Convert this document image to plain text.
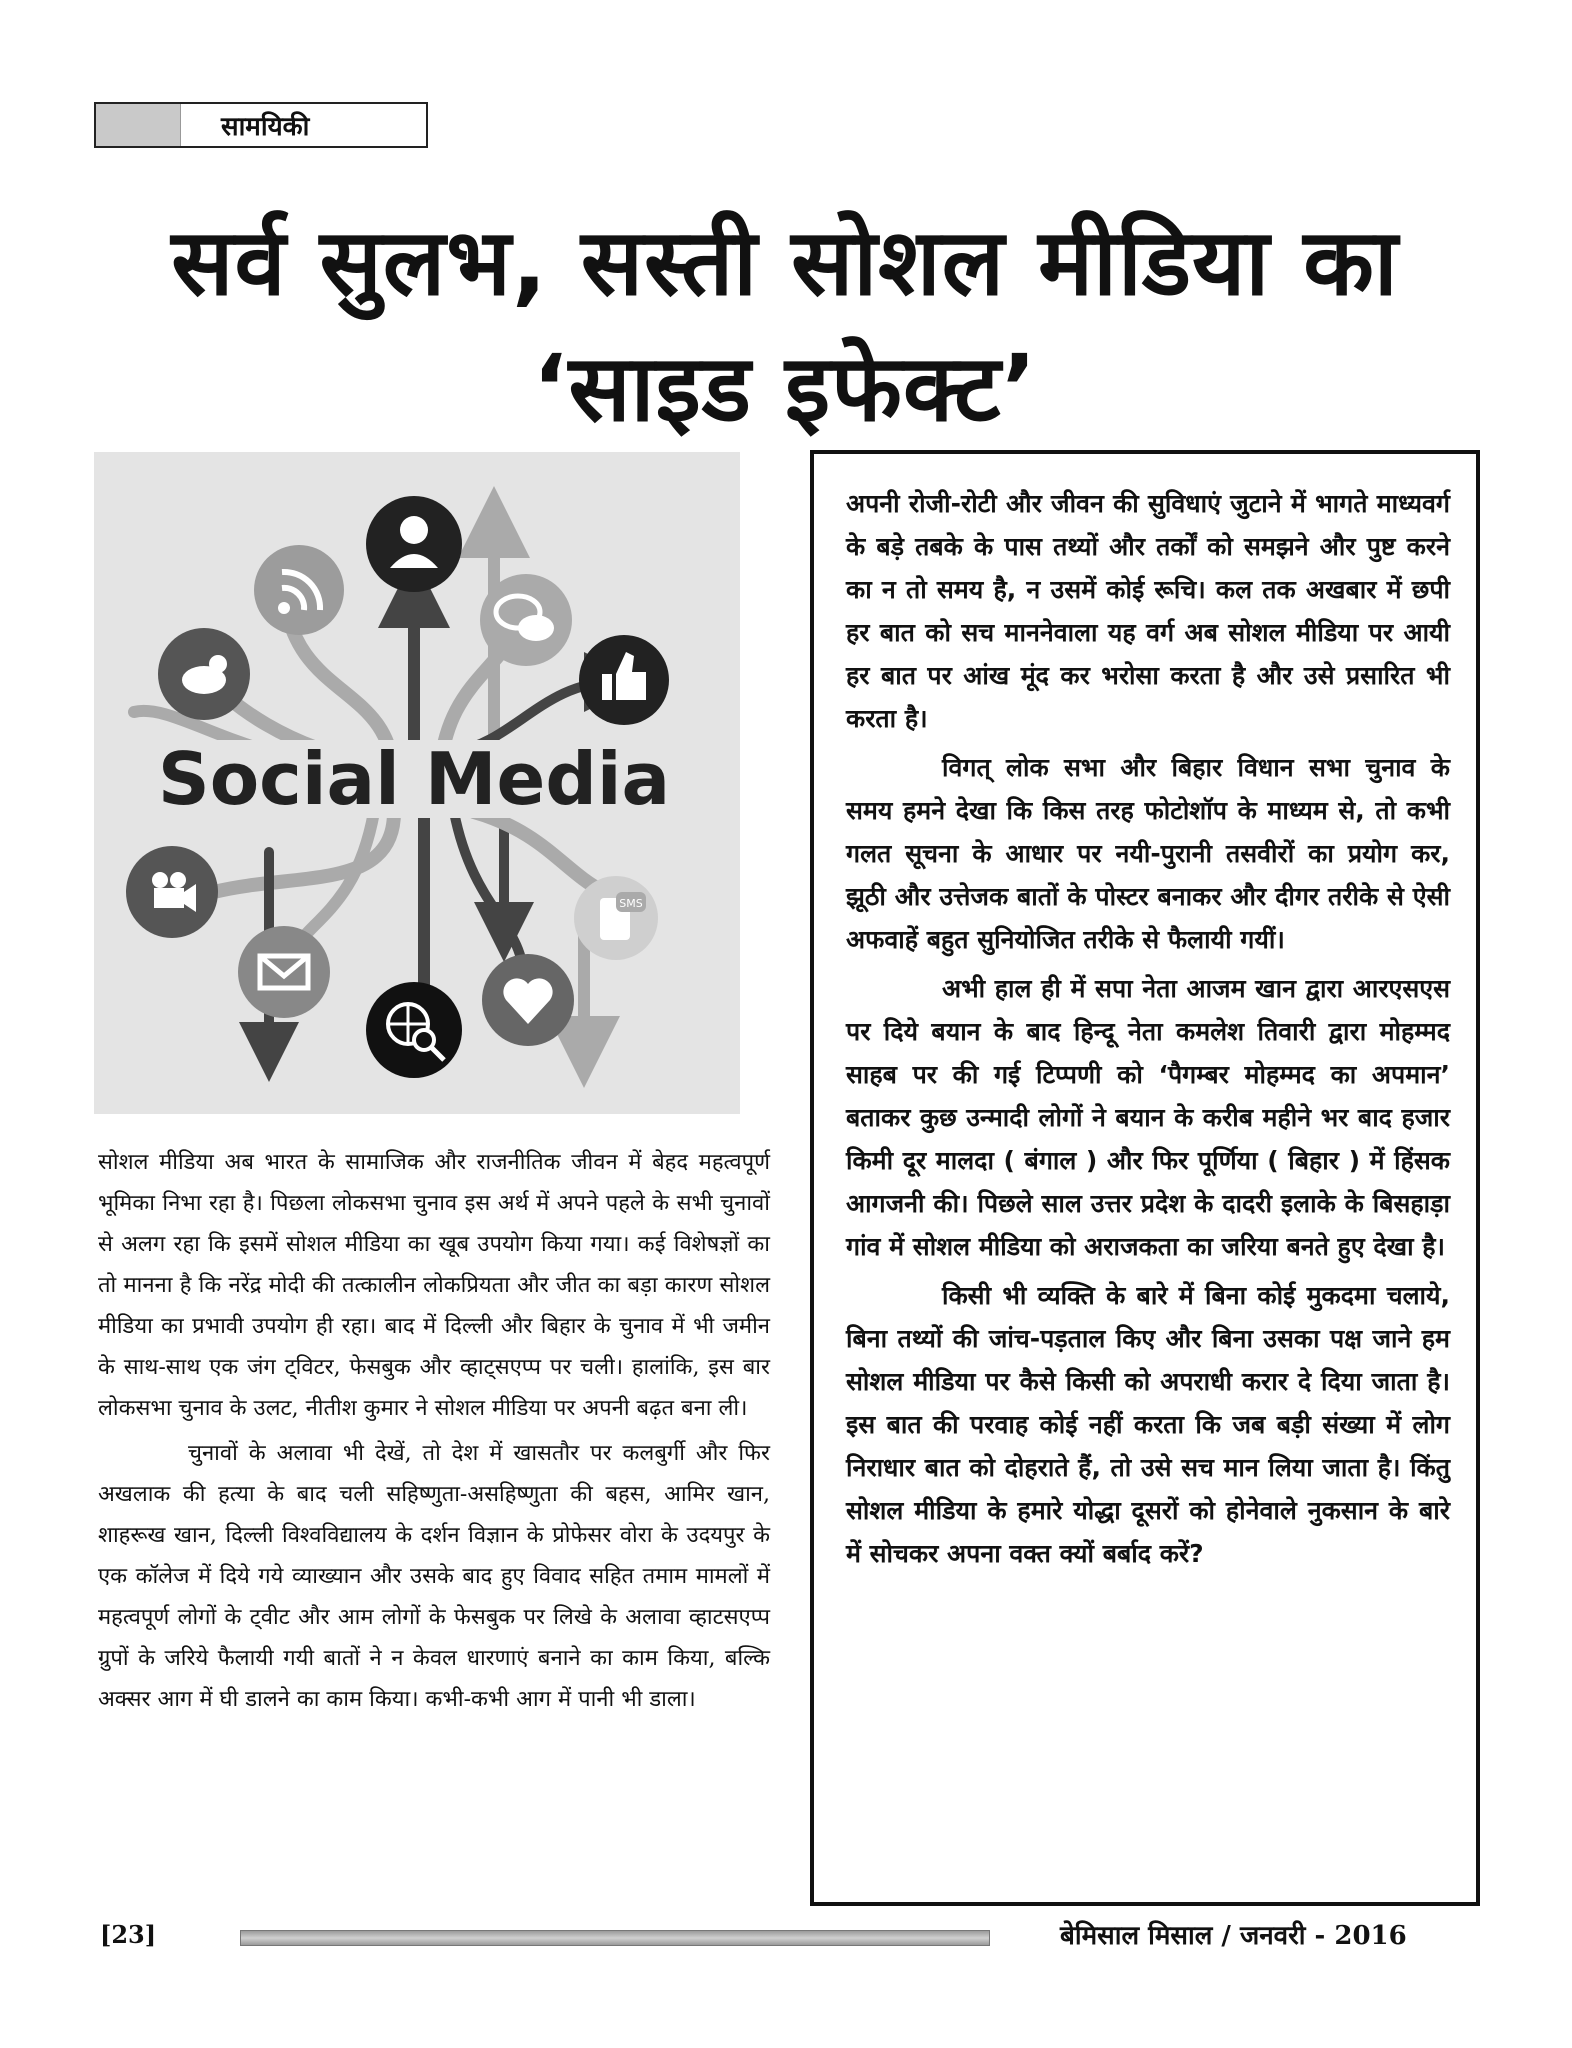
सामयिकी
सर्व सुलभ, सस्ती सोशल मीडिया का
‘साइड इफेक्ट’
SMS
Social Media

सोशल मीडिया अब भारत के सामाजिक और राजनीतिक जीवन में बेहद महत्वपूर्ण भूमिका निभा रहा है। पिछला लोकसभा चुनाव इस अर्थ में अपने पहले के सभी चुनावों से अलग रहा कि इसमें सोशल मीडिया का खूब उपयोग किया गया। कई विशेषज्ञों का तो मानना है कि नरेंद्र मोदी की तत्कालीन लोकप्रियता और जीत का बड़ा कारण सोशल मीडिया का प्रभावी उपयोग ही रहा। बाद में दिल्ली और बिहार के चुनाव में भी जमीन के साथ-साथ एक जंग ट्विटर, फेसबुक और व्हाट्सएप्प पर चली। हालांकि, इस बार लोकसभा चुनाव के उलट, नीतीश कुमार ने सोशल मीडिया पर अपनी बढ़त बना ली।

चुनावों के अलावा भी देखें, तो देश में खासतौर पर कलबुर्गी और फिर अखलाक की हत्या के बाद चली सहिष्णुता-असहिष्णुता की बहस, आमिर खान, शाहरूख खान, दिल्ली विश्वविद्यालय के दर्शन विज्ञान के प्रोफेसर वोरा के उदयपुर के एक कॉलेज में दिये गये व्याख्यान और उसके बाद हुए विवाद सहित तमाम मामलों में महत्वपूर्ण लोगों के ट्वीट और आम लोगों के फेसबुक पर लिखे के अलावा व्हाटसएप्प ग्रुपों के जरिये फैलायी गयी बातों ने न केवल धारणाएं बनाने का काम किया, बल्कि अक्सर आग में घी डालने का काम किया। कभी-कभी आग में पानी भी डाला।

अपनी रोजी-रोटी और जीवन की सुविधाएं जुटाने में भागते माध्यवर्ग के बड़े तबके के पास तथ्यों और तर्कों को समझने और पुष्ट करने का न तो समय है, न उसमें कोई रूचि। कल तक अखबार में छपी हर बात को सच माननेवाला यह वर्ग अब सोशल मीडिया पर आयी हर बात पर आंख मूंद कर भरोसा करता है और उसे प्रसारित भी करता है।

विगत् लोक सभा और बिहार विधान सभा चुनाव के समय हमने देखा कि किस तरह फोटोशॉप के माध्यम से, तो कभी गलत सूचना के आधार पर नयी-पुरानी तसवीरों का प्रयोग कर, झूठी और उत्तेजक बातों के पोस्टर बनाकर और दीगर तरीके से ऐसी अफवाहें बहुत सुनियोजित तरीके से फैलायी गयीं।

अभी हाल ही में सपा नेता आजम खान द्वारा आरएसएस पर दिये बयान के बाद हिन्दू नेता कमलेश तिवारी द्वारा मोहम्मद साहब पर की गई टिप्पणी को ‘पैगम्बर मोहम्मद का अपमान’ बताकर कुछ उन्मादी लोगों ने बयान के करीब महीने भर बाद हजार किमी दूर मालदा ( बंगाल ) और फिर पूर्णिया ( बिहार ) में हिंसक आगजनी की। पिछले साल उत्तर प्रदेश के दादरी इलाके के बिसहाड़ा गांव में सोशल मीडिया को अराजकता का जरिया बनते हुए देखा है।

किसी भी व्यक्ति के बारे में बिना कोई मुकदमा चलाये, बिना तथ्यों की जांच-पड़ताल किए और बिना उसका पक्ष जाने हम सोशल मीडिया पर कैसे किसी को अपराधी करार दे दिया जाता है। इस बात की परवाह कोई नहीं करता कि जब बड़ी संख्या में लोग निराधार बात को दोहराते हैं, तो उसे सच मान लिया जाता है। किंतु सोशल मीडिया के हमारे योद्धा दूसरों को होनेवाले नुकसान के बारे में सोचकर अपना वक्त क्यों बर्बाद करें?

[23]	बेमिसाल मिसाल / जनवरी - 2016
